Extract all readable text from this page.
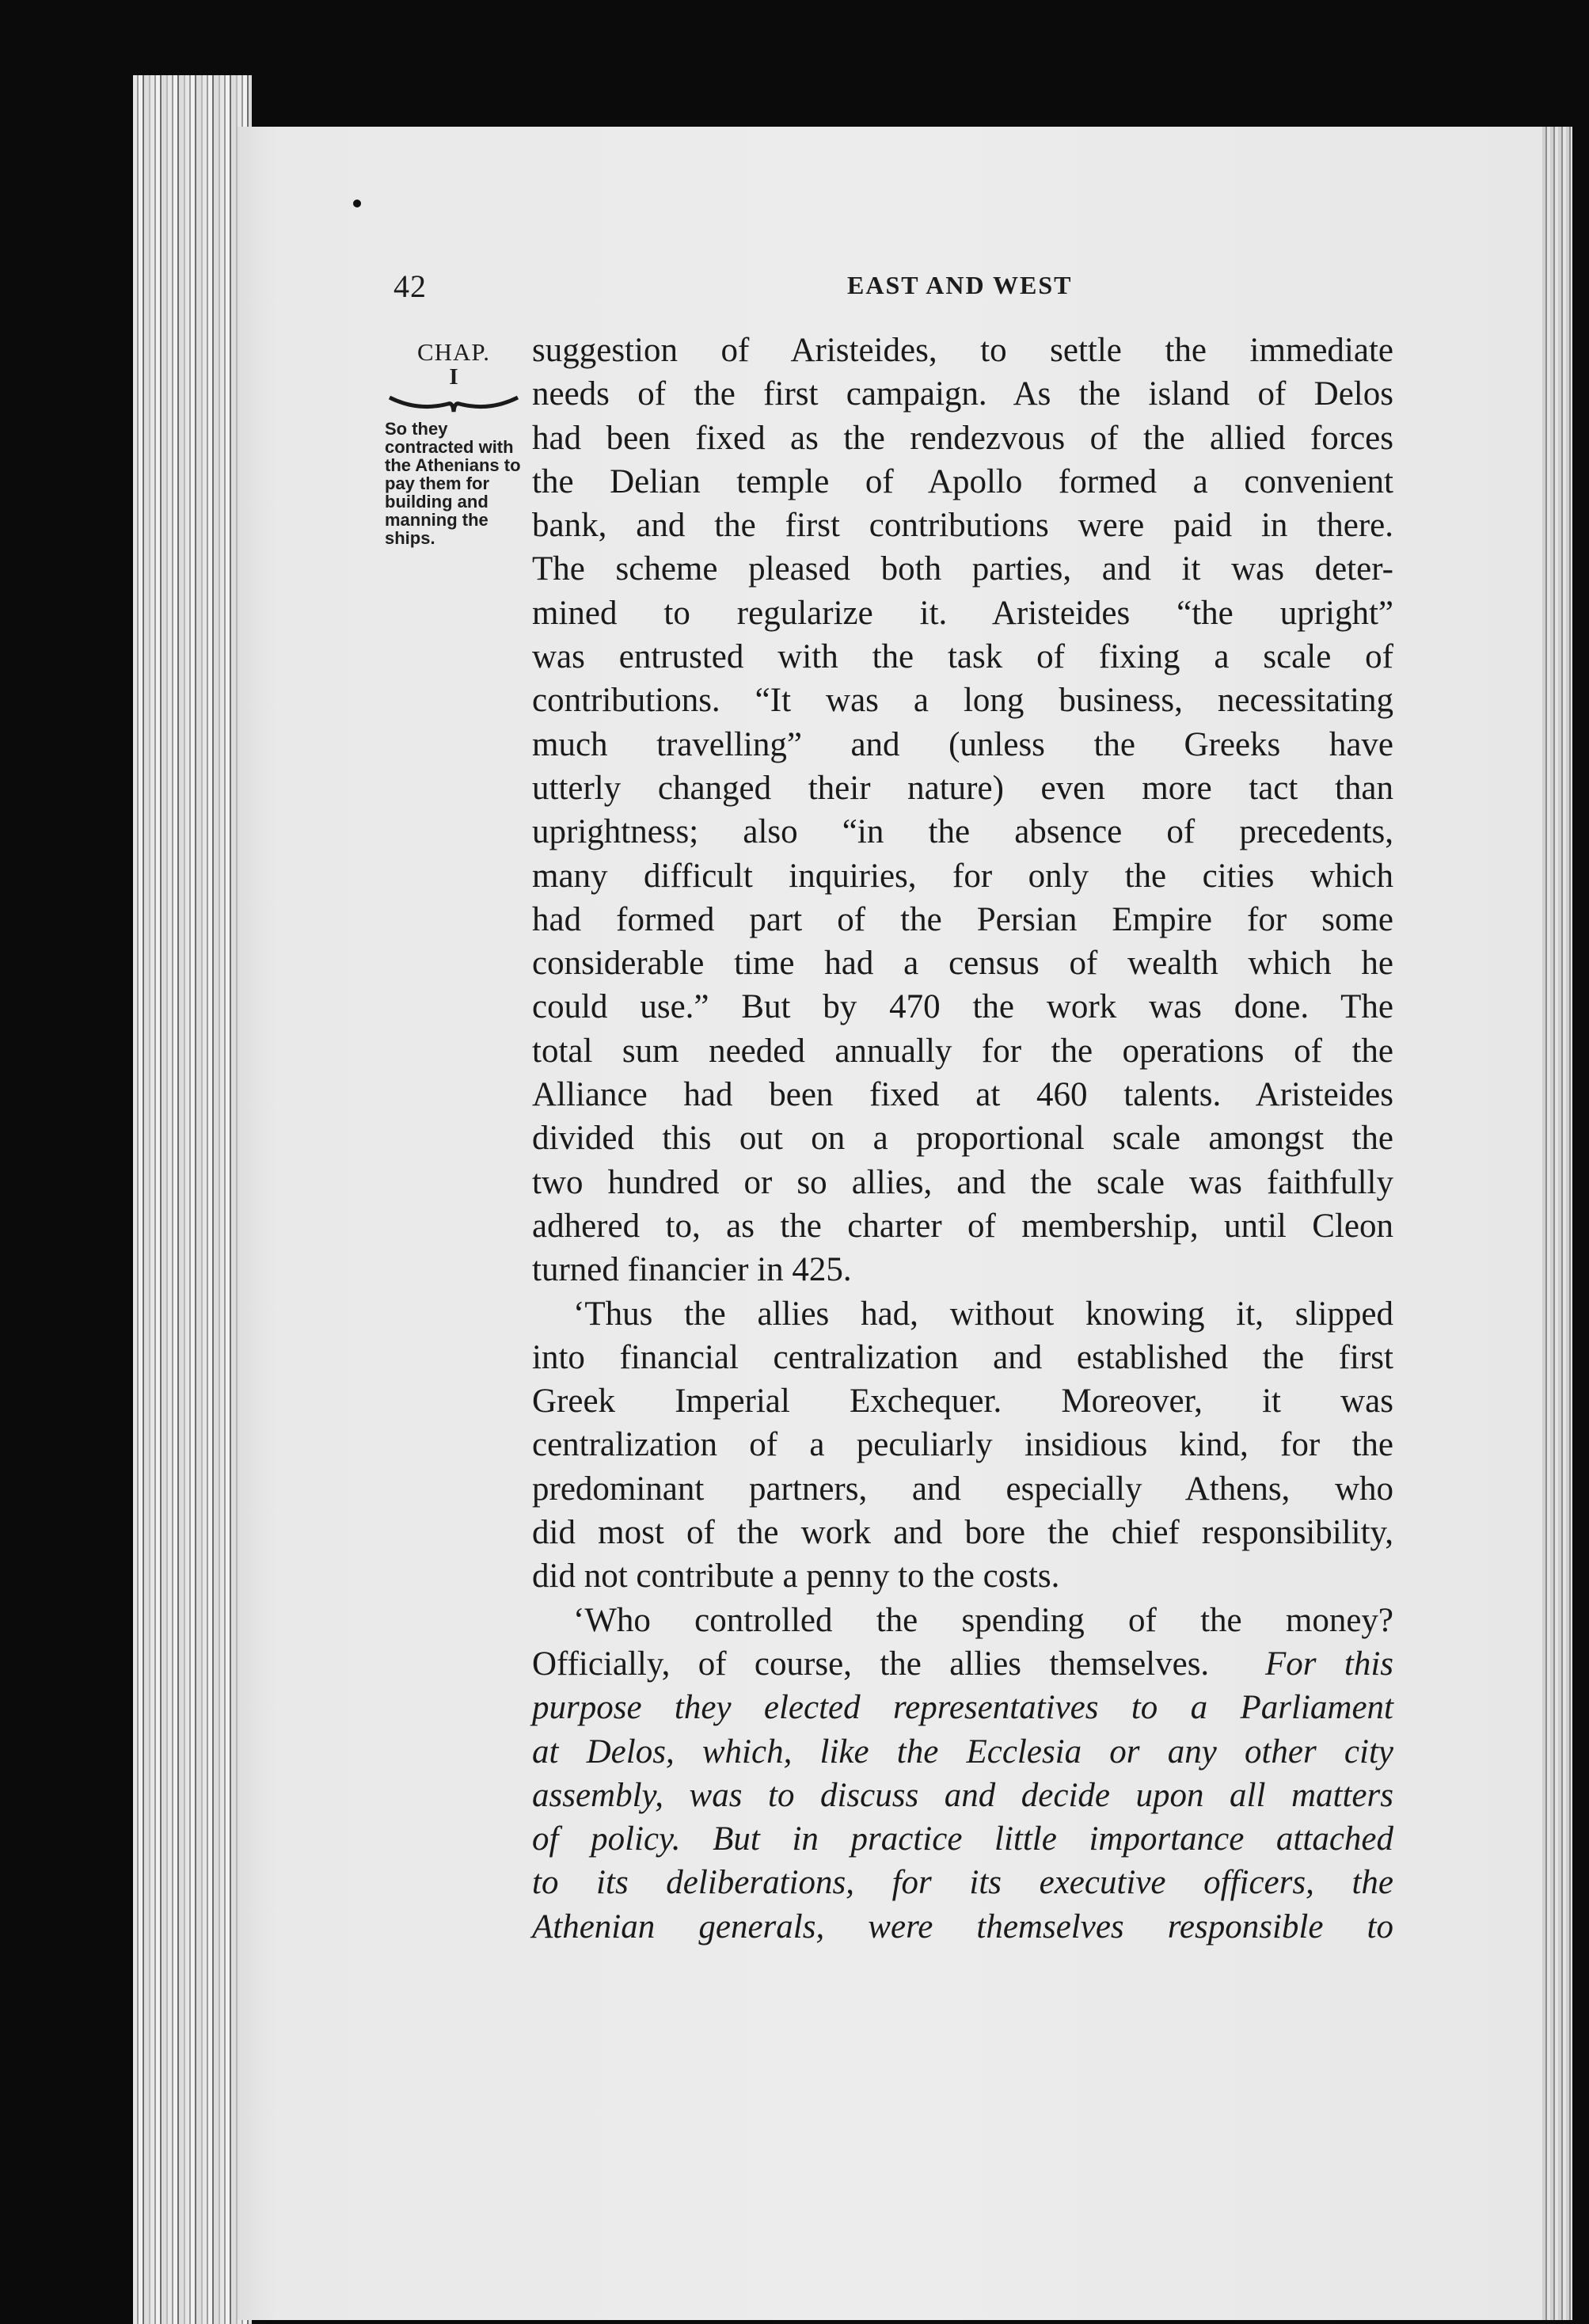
42	EAST AND WEST
CHAP.
I
So they contracted with the Athenians to pay them for building and manning the ships.

suggestion of Aristeides, to settle the immediate

needs of the first campaign. As the island of Delos

had been fixed as the rendezvous of the allied forces

the Delian temple of Apollo formed a convenient

bank, and the first contributions were paid in there.

The scheme pleased both parties, and it was deter-

mined to regularize it. Aristeides “the upright”

was entrusted with the task of fixing a scale of

contributions. “It was a long business, necessitating

much travelling” and (unless the Greeks have

utterly changed their nature) even more tact than

uprightness; also “in the absence of precedents,

many difficult inquiries, for only the cities which

had formed part of the Persian Empire for some

considerable time had a census of wealth which he

could use.” But by 470 the work was done. The

total sum needed annually for the operations of the

Alliance had been fixed at 460 talents. Aristeides

divided this out on a proportional scale amongst the

two hundred or so allies, and the scale was faithfully

adhered to, as the charter of membership, until Cleon

turned financier in 425.

‘Thus the allies had, without knowing it, slipped

into financial centralization and established the first

Greek Imperial Exchequer. Moreover, it was

centralization of a peculiarly insidious kind, for the

predominant partners, and especially Athens, who

did most of the work and bore the chief responsibility,

did not contribute a penny to the costs.

‘Who controlled the spending of the money?

Officially, of course, the allies themselves. For this

purpose they elected representatives to a Parliament

at Delos, which, like the Ecclesia or any other city

assembly, was to discuss and decide upon all matters

of policy. But in practice little importance attached

to its deliberations, for its executive officers, the

Athenian generals, were themselves responsible to
